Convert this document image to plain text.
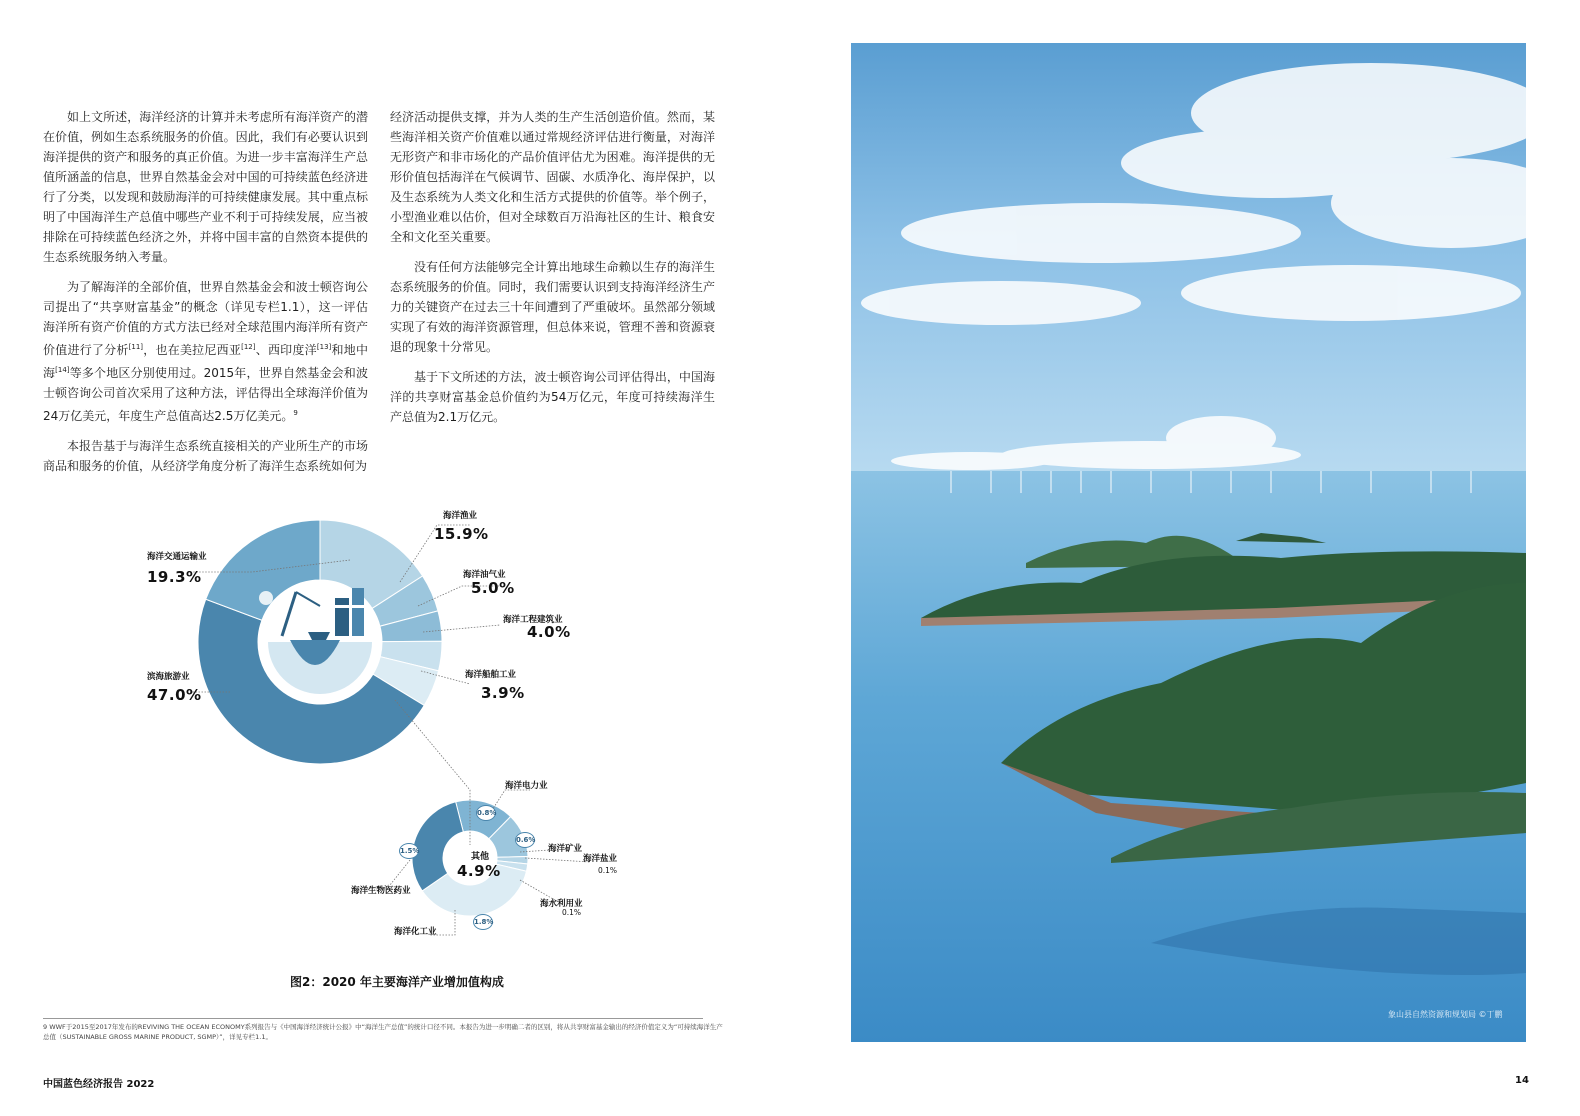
如上文所述，海洋经济的计算并未考虑所有海洋资产的潜在价值，例如生态系统服务的价值。因此，我们有必要认识到海洋提供的资产和服务的真正价值。为进一步丰富海洋生产总值所涵盖的信息，世界自然基金会对中国的可持续蓝色经济进行了分类，以发现和鼓励海洋的可持续健康发展。其中重点标明了中国海洋生产总值中哪些产业不利于可持续发展，应当被排除在可持续蓝色经济之外，并将中国丰富的自然资本提供的生态系统服务纳入考量。

为了解海洋的全部价值，世界自然基金会和波士顿咨询公司提出了“共享财富基金”的概念（详见专栏1.1），这一评估海洋所有资产价值的方式方法已经对全球范围内海洋所有资产价值进行了分析[11]，也在美拉尼西亚[12]、西印度洋[13]和地中海[14]等多个地区分别使用过。2015年，世界自然基金会和波士顿咨询公司首次采用了这种方法，评估得出全球海洋价值为24万亿美元，年度生产总值高达2.5万亿美元。$^9$

本报告基于与海洋生态系统直接相关的产业所生产的市场商品和服务的价值，从经济学角度分析了海洋生态系统如何为

经济活动提供支撑，并为人类的生产生活创造价值。然而，某些海洋相关资产价值难以通过常规经济评估进行衡量，对海洋无形资产和非市场化的产品价值评估尤为困难。海洋提供的无形价值包括海洋在气候调节、固碳、水质净化、海岸保护，以及生态系统为人类文化和生活方式提供的价值等。举个例子，小型渔业难以估价，但对全球数百万沿海社区的生计、粮食安全和文化至关重要。

没有任何方法能够完全计算出地球生命赖以生存的海洋生态系统服务的价值。同时，我们需要认识到支持海洋经济生产力的关键资产在过去三十年间遭到了严重破坏。虽然部分领域实现了有效的海洋资源管理，但总体来说，管理不善和资源衰退的现象十分常见。

基于下文所述的方法，波士顿咨询公司评估得出，中国海洋的共享财富基金总价值约为54万亿元，年度可持续海洋生产总值为2.1万亿元。

海洋渔业
15.9%
海洋油气业
5.0%
海洋工程建筑业
4.0%
海洋船舶工业
3.9%
海洋交通运输业
19.3%
滨海旅游业
47.0%
其他
4.9%
海洋电力业
0.8%
海洋矿业
0.6%
海洋盐业
0.1%
海水利用业
0.1%
海洋化工业
1.8%
海洋生物医药业
1.5%
图2：2020 年主要海洋产业增加值构成
9 WWF于2015至2017年发布的REVIVING THE OCEAN ECONOMY系列报告与《中国海洋经济统计公报》中“海洋生产总值”的统计口径不同。本报告为进一步明确二者的区别，将从共享财富基金输出的经济价值定义为“可持续海洋生产总值（SUSTAINABLE GROSS MARINE PRODUCT, SGMP）”，详见专栏1.1。
中国蓝色经济报告 2022	14
象山县自然资源和规划局 ©丁鹏
